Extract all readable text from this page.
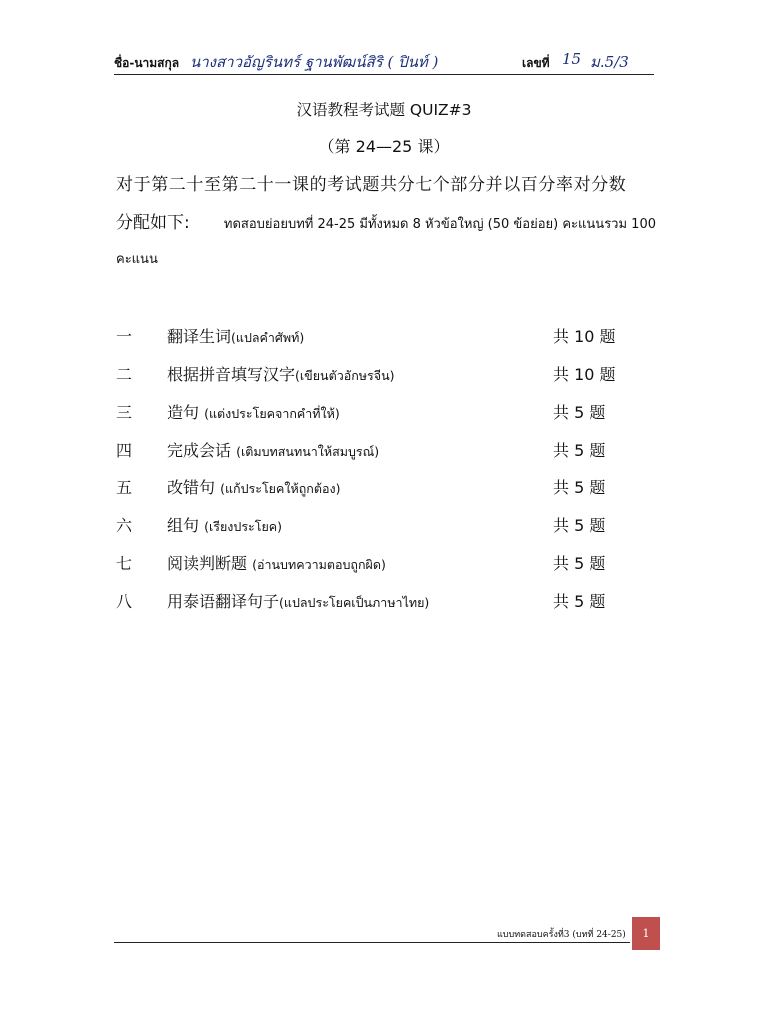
ชื่อ-นามสกุล นางสาวอัญรินทร์ ฐานพัฒน์สิริ ( ปินท์ )	เลขที่ 15 ม.5/3
汉语教程考试题 QUIZ#3
（第 24—25 课）
对于第二十至第二十一课的考试题共分七个部分并以百分率对分数
分配如下:	ทดสอบย่อยบทที่ 24-25 มีทั้งหมด 8 หัวข้อใหญ่ (50 ข้อย่อย) คะแนนรวม 100
คะแนน
一 翻译生词(แปลคำศัพท์)	共 10 题
二 根据拼音填写汉字(เขียนตัวอักษรจีน)	共 10 题
三 造句 (แต่งประโยคจากคำที่ให้)	共 5 题
四 完成会话 (เติมบทสนทนาให้สมบูรณ์)	共 5 题
五 改错句 (แก้ประโยคให้ถูกต้อง)	共 5 题
六 组句 (เรียงประโยค)	共 5 题
七 阅读判断题 (อ่านบทความตอบถูกผิด)	共 5 题
八 用泰语翻译句子(แปลประโยคเป็นภาษาไทย)	共 5 题
แบบทดสอบครั้งที่3 (บทที่ 24-25)	1
